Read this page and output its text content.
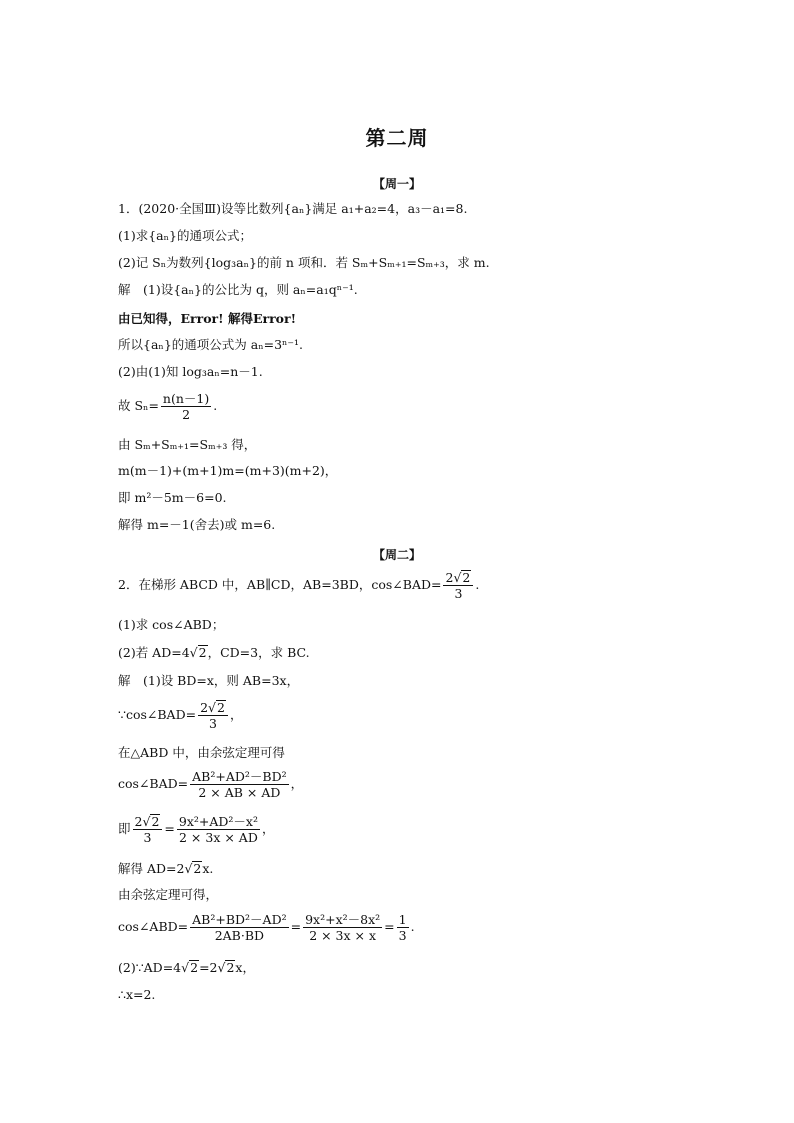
第二周
【周一】
1．(2020·全国Ⅲ)设等比数列{aₙ}满足 a₁+a₂=4，a₃－a₁=8.
(1)求{aₙ}的通项公式；
(2)记 Sₙ为数列{log₃aₙ}的前 n 项和．若 Sₘ+Sₘ₊₁=Sₘ₊₃，求 m.
解　(1)设{aₙ}的公比为 q，则 aₙ=a₁qⁿ⁻¹.
由已知得，Error! 解得Error!
所以{aₙ}的通项公式为 aₙ=3ⁿ⁻¹.
(2)由(1)知 log₃aₙ=n－1.
故 $S_n= \frac{n(n-1)}{2}$ .
由 Sₘ+Sₘ₊₁=Sₘ₊₃ 得，
m(m－1)+(m+1)m=(m+3)(m+2)，
即 m²－5m－6=0.
解得 m=－1(舍去)或 m=6.
【周二】
2．在梯形 ABCD 中，AB∥CD，AB=3BD，cos∠BAD= $\frac{2√2}{3}$ .
(1)求 cos∠ABD；
(2)若 AD=4√2，CD=3，求 BC.
解　(1)设 BD=x，则 AB=3x，
∵cos∠BAD= $\frac{2√2}{3}$ ，
在△ABD 中，由余弦定理可得
cos∠BAD= $\frac{\text{AB²+AD²－BD²}}{2 \times AB \times AD}$ ，
即 $\frac{2√2}{3} = \frac{\text{9x²+AD²－x²}}{2 \times 3x \times AD}$ ，
解得 AD=2√2x.
由余弦定理可得，
cos∠ABD= $\frac{\text{AB²+BD²－AD²}}{2AB\cdot BD} = \frac{\text{9x²+x²－8x²}}{2 \times 3x \times x} = \frac{1}{3}$ .
(2)∵AD=4√2=2√2x，
∴x=2.
